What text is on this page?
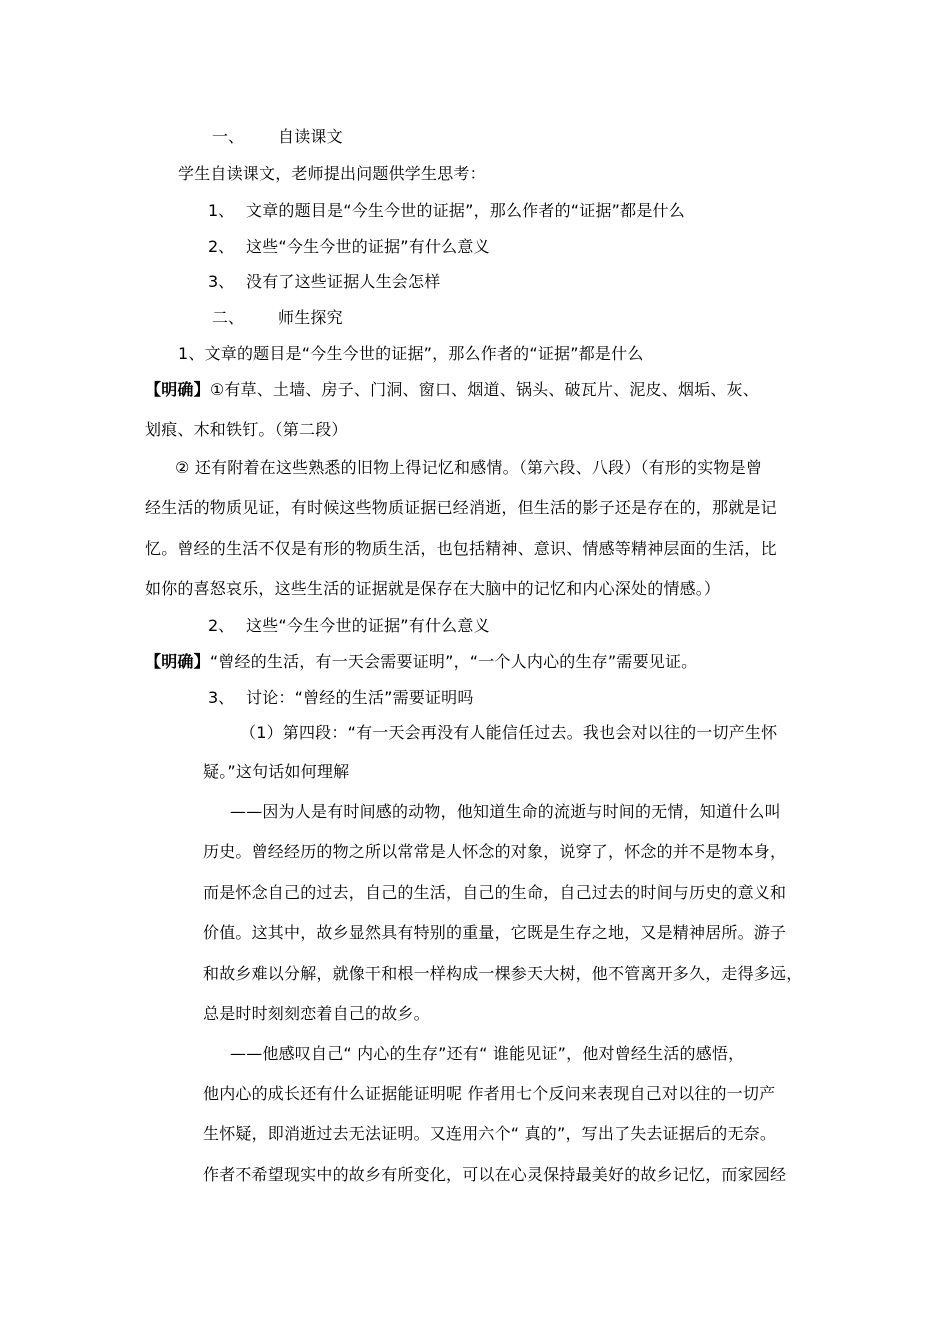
一、 自读课文
学生自读课文，老师提出问题供学生思考：
1、 文章的题目是“今生今世的证据”，那么作者的“证据”都是什么
2、 这些“今生今世的证据”有什么意义
3、 没有了这些证据人生会怎样
二、 师生探究
1、文章的题目是“今生今世的证据”，那么作者的“证据”都是什么
【明确】①有草、土墙、房子、门洞、窗口、烟道、锅头、破瓦片、泥皮、烟垢、灰、
划痕、木和铁钉。（第二段）
② 还有附着在这些熟悉的旧物上得记忆和感情。（第六段、八段）（有形的实物是曾
经生活的物质见证，有时候这些物质证据已经消逝，但生活的影子还是存在的，那就是记
忆。曾经的生活不仅是有形的物质生活，也包括精神、意识、情感等精神层面的生活，比
如你的喜怒哀乐，这些生活的证据就是保存在大脑中的记忆和内心深处的情感。）
2、 这些“今生今世的证据”有什么意义
【明确】“曾经的生活，有一天会需要证明”，“一个人内心的生存”需要见证。
3、 讨论：“曾经的生活”需要证明吗
（1）第四段：“有一天会再没有人能信任过去。我也会对以往的一切产生怀
疑。”这句话如何理解
——因为人是有时间感的动物，他知道生命的流逝与时间的无情，知道什么叫
历史。曾经经历的物之所以常常是人怀念的对象，说穿了，怀念的并不是物本身，
而是怀念自己的过去，自己的生活，自己的生命，自己过去的时间与历史的意义和
价值。这其中，故乡显然具有特别的重量，它既是生存之地，又是精神居所。游子
和故乡难以分解，就像干和根一样构成一棵参天大树，他不管离开多久，走得多远，
总是时时刻刻恋着自己的故乡。
——他感叹自己“ 内心的生存”还有“ 谁能见证”，他对曾经生活的感悟，
他内心的成长还有什么证据能证明呢 作者用七个反问来表现自己对以往的一切产
生怀疑，即消逝过去无法证明。又连用六个“ 真的”，写出了失去证据后的无奈。
作者不希望现实中的故乡有所变化，可以在心灵保持最美好的故乡记忆，而家园经
